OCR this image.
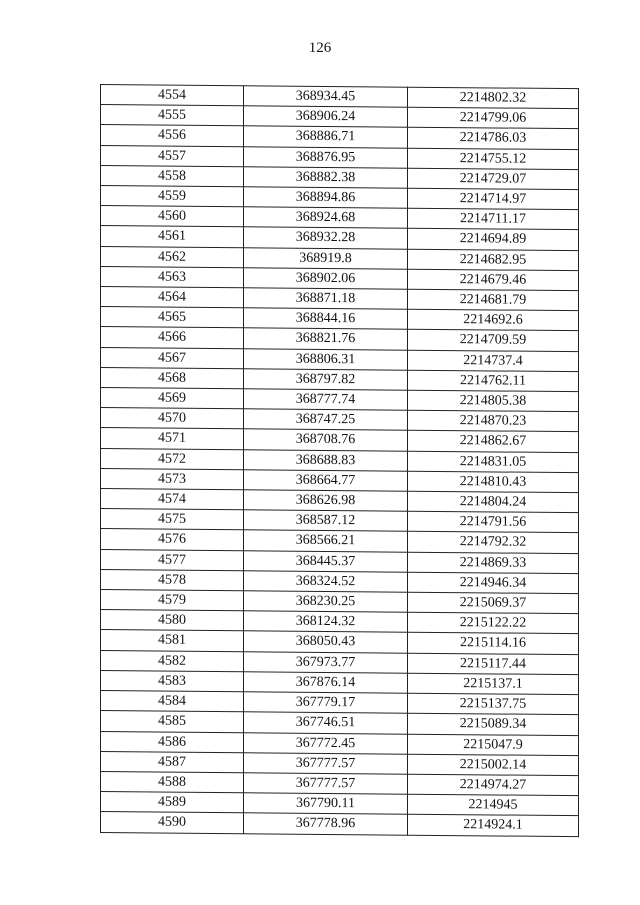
126
4554	368934.45	2214802.32
4555	368906.24	2214799.06
4556	368886.71	2214786.03
4557	368876.95	2214755.12
4558	368882.38	2214729.07
4559	368894.86	2214714.97
4560	368924.68	2214711.17
4561	368932.28	2214694.89
4562	368919.8	2214682.95
4563	368902.06	2214679.46
4564	368871.18	2214681.79
4565	368844.16	2214692.6
4566	368821.76	2214709.59
4567	368806.31	2214737.4
4568	368797.82	2214762.11
4569	368777.74	2214805.38
4570	368747.25	2214870.23
4571	368708.76	2214862.67
4572	368688.83	2214831.05
4573	368664.77	2214810.43
4574	368626.98	2214804.24
4575	368587.12	2214791.56
4576	368566.21	2214792.32
4577	368445.37	2214869.33
4578	368324.52	2214946.34
4579	368230.25	2215069.37
4580	368124.32	2215122.22
4581	368050.43	2215114.16
4582	367973.77	2215117.44
4583	367876.14	2215137.1
4584	367779.17	2215137.75
4585	367746.51	2215089.34
4586	367772.45	2215047.9
4587	367777.57	2215002.14
4588	367777.57	2214974.27
4589	367790.11	2214945
4590	367778.96	2214924.1
